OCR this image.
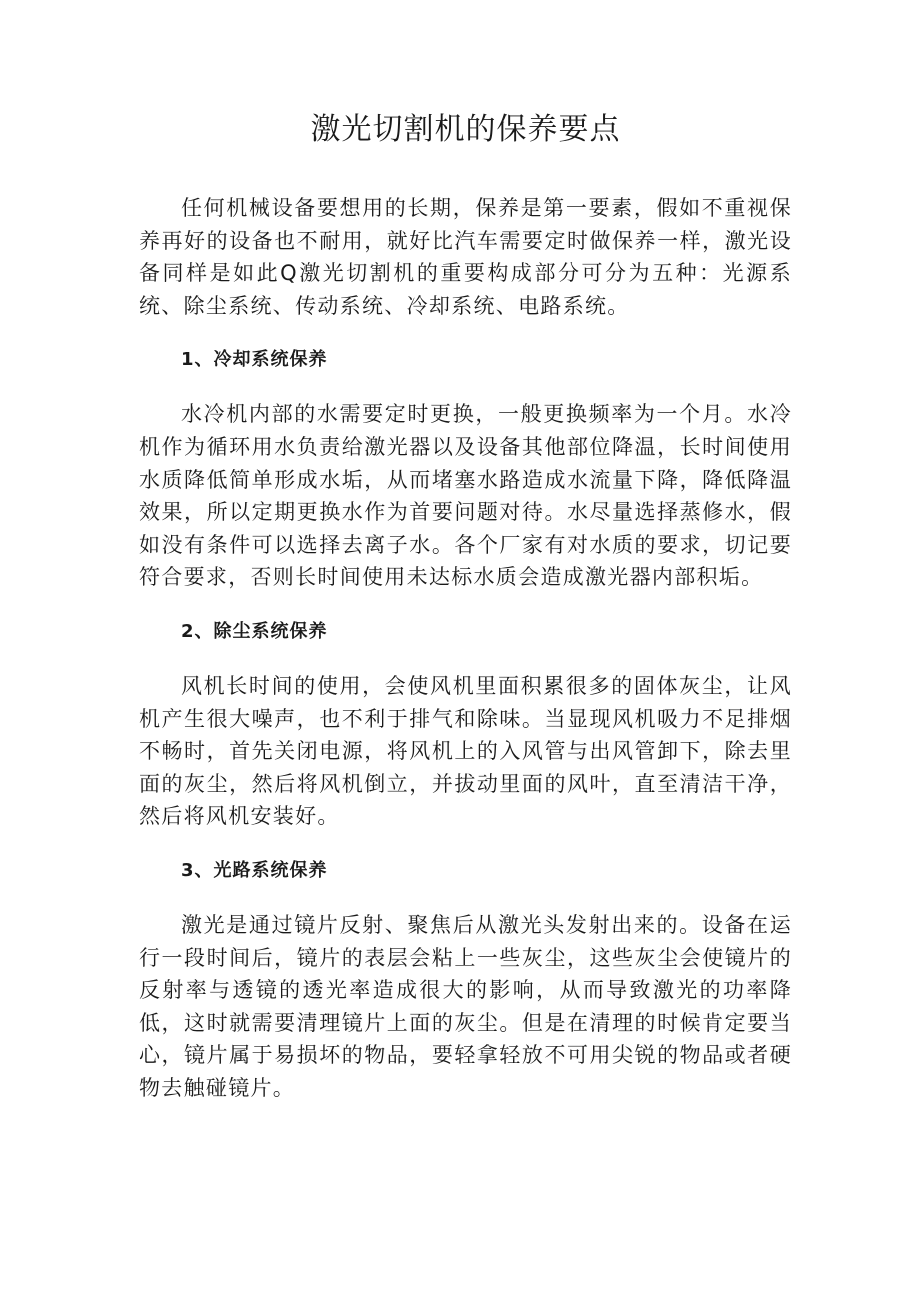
激光切割机的保养要点

任何机械设备要想用的长期，保养是第一要素，假如不重视保养再好的设备也不耐用，就好比汽车需要定时做保养一样，激光设备同样是如此Q激光切割机的重要构成部分可分为五种：光源系统、除尘系统、传动系统、冷却系统、电路系统。

1、冷却系统保养

水冷机内部的水需要定时更换，一般更换频率为一个月。水冷机作为循环用水负责给激光器以及设备其他部位降温，长时间使用水质降低简单形成水垢，从而堵塞水路造成水流量下降，降低降温效果，所以定期更换水作为首要问题对待。水尽量选择蒸修水，假如没有条件可以选择去离子水。各个厂家有对水质的要求，切记要符合要求，否则长时间使用未达标水质会造成激光器内部积垢。

2、除尘系统保养

风机长时间的使用，会使风机里面积累很多的固体灰尘，让风机产生很大噪声，也不利于排气和除味。当显现风机吸力不足排烟不畅时，首先关闭电源，将风机上的入风管与出风管卸下，除去里面的灰尘，然后将风机倒立，并拔动里面的风叶，直至清洁干净，然后将风机安装好。

3、光路系统保养

激光是通过镜片反射、聚焦后从激光头发射出来的。设备在运行一段时间后，镜片的表层会粘上一些灰尘，这些灰尘会使镜片的反射率与透镜的透光率造成很大的影响，从而导致激光的功率降低，这时就需要清理镜片上面的灰尘。但是在清理的时候肯定要当心，镜片属于易损坏的物品，要轻拿轻放不可用尖锐的物品或者硬物去触碰镜片。
